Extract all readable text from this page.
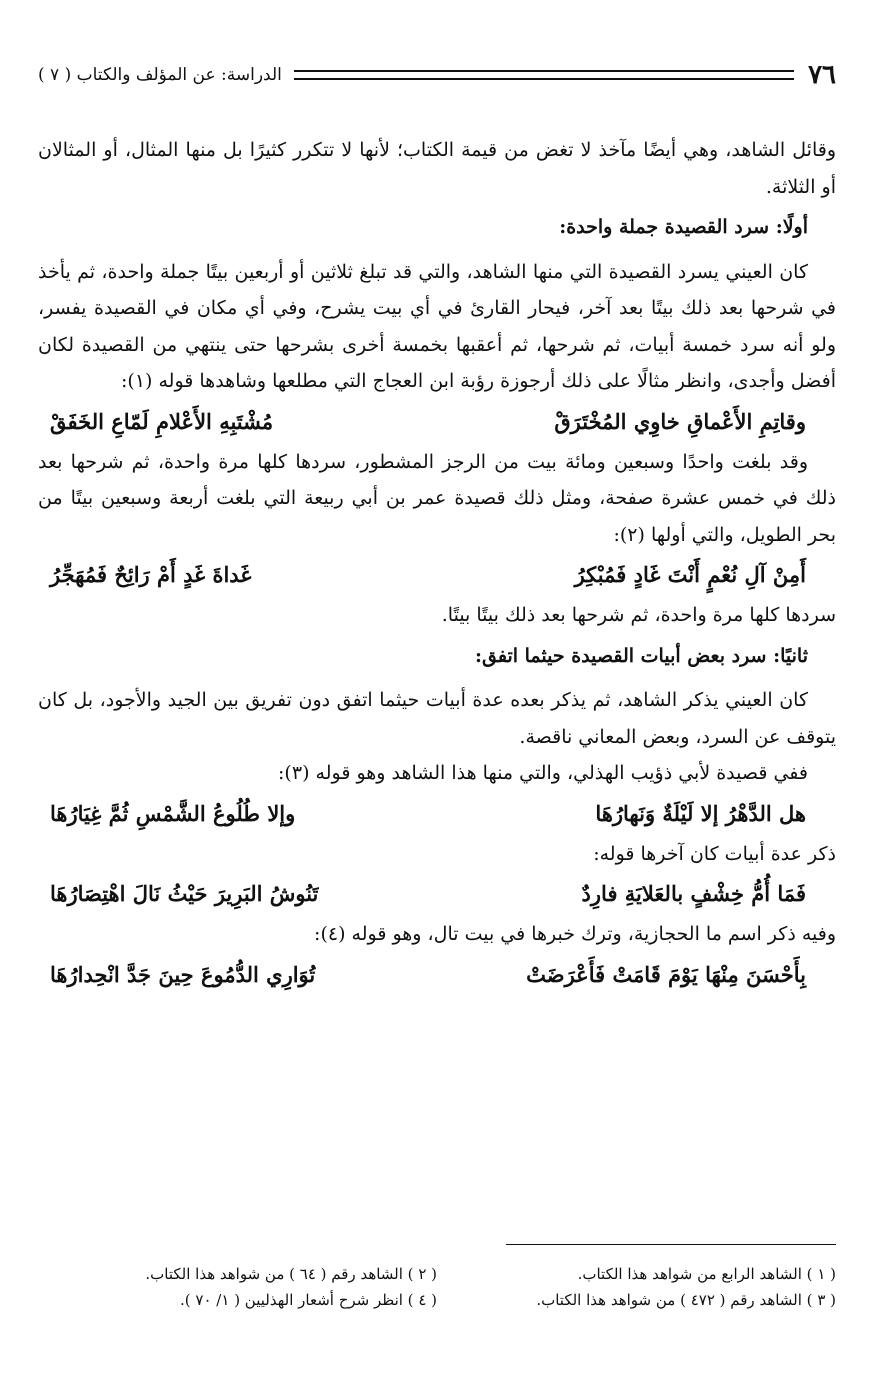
٧٦
الدراسة: عن المؤلف والكتاب ( ٧ )

وقائل الشاهد، وهي أيضًا مآخذ لا تغض من قيمة الكتاب؛ لأنها لا تتكرر كثيرًا بل منها المثال، أو المثالان أو الثلاثة.

أولًا: سرد القصيدة جملة واحدة:

كان العيني يسرد القصيدة التي منها الشاهد، والتي قد تبلغ ثلاثين أو أربعين بيتًا جملة واحدة، ثم يأخذ في شرحها بعد ذلك بيتًا بعد آخر، فيحار القارئ في أي بيت يشرح، وفي أي مكان في القصيدة يفسر، ولو أنه سرد خمسة أبيات، ثم شرحها، ثم أعقبها بخمسة أخرى بشرحها حتى ينتهي من القصيدة لكان أفضل وأجدى، وانظر مثالًا على ذلك أرجوزة رؤبة ابن العجاج التي مطلعها وشاهدها قوله (١):

وقاتِمِ الأَعْماقِ خاوِي المُخْتَرَقْ
مُشْتَبِهِ الأَعْلامِ لَمّاعِ الخَفَقْ

وقد بلغت واحدًا وسبعين ومائة بيت من الرجز المشطور، سردها كلها مرة واحدة، ثم شرحها بعد ذلك في خمس عشرة صفحة، ومثل ذلك قصيدة عمر بن أبي ربيعة التي بلغت أربعة وسبعين بيتًا من بحر الطويل، والتي أولها (٢):

أَمِنْ آلِ نُعْمٍ أَنْتَ غَادٍ فَمُبْكِرُ
غَداةَ غَدٍ أَمْ رَائِحٌ فَمُهَجِّرُ

سردها كلها مرة واحدة، ثم شرحها بعد ذلك بيتًا بيتًا.

ثانيًا: سرد بعض أبيات القصيدة حيثما اتفق:

كان العيني يذكر الشاهد، ثم يذكر بعده عدة أبيات حيثما اتفق دون تفريق بين الجيد والأجود، بل كان يتوقف عن السرد، وبعض المعاني ناقصة.

ففي قصيدة لأبي ذؤيب الهذلي، والتي منها هذا الشاهد وهو قوله (٣):

هل الدَّهْرُ إلا لَيْلَةٌ وَنَهارُهَا
وإلا طُلُوعُ الشَّمْسِ ثُمَّ غِيَارُهَا

ذكر عدة أبيات كان آخرها قوله:

فَمَا أُمُّ خِشْفٍ بالعَلايَةِ فارِدٌ
تَنُوشُ البَرِيرَ حَيْثُ نَالَ اهْتِصَارُهَا

وفيه ذكر اسم ما الحجازية، وترك خبرها في بيت تال، وهو قوله (٤):

بِأَحْسَنَ مِنْهَا يَوْمَ قَامَتْ فَأَعْرَضَتْ
تُوَارِي الدُّمُوعَ حِينَ جَدَّ انْحِدارُهَا
( ١ ) الشاهد الرابع من شواهد هذا الكتاب.
( ٢ ) الشاهد رقم ( ٦٤ ) من شواهد هذا الكتاب.
( ٣ ) الشاهد رقم ( ٤٧٢ ) من شواهد هذا الكتاب.
( ٤ ) انظر شرح أشعار الهذليين ( ١/ ٧٠ ).
